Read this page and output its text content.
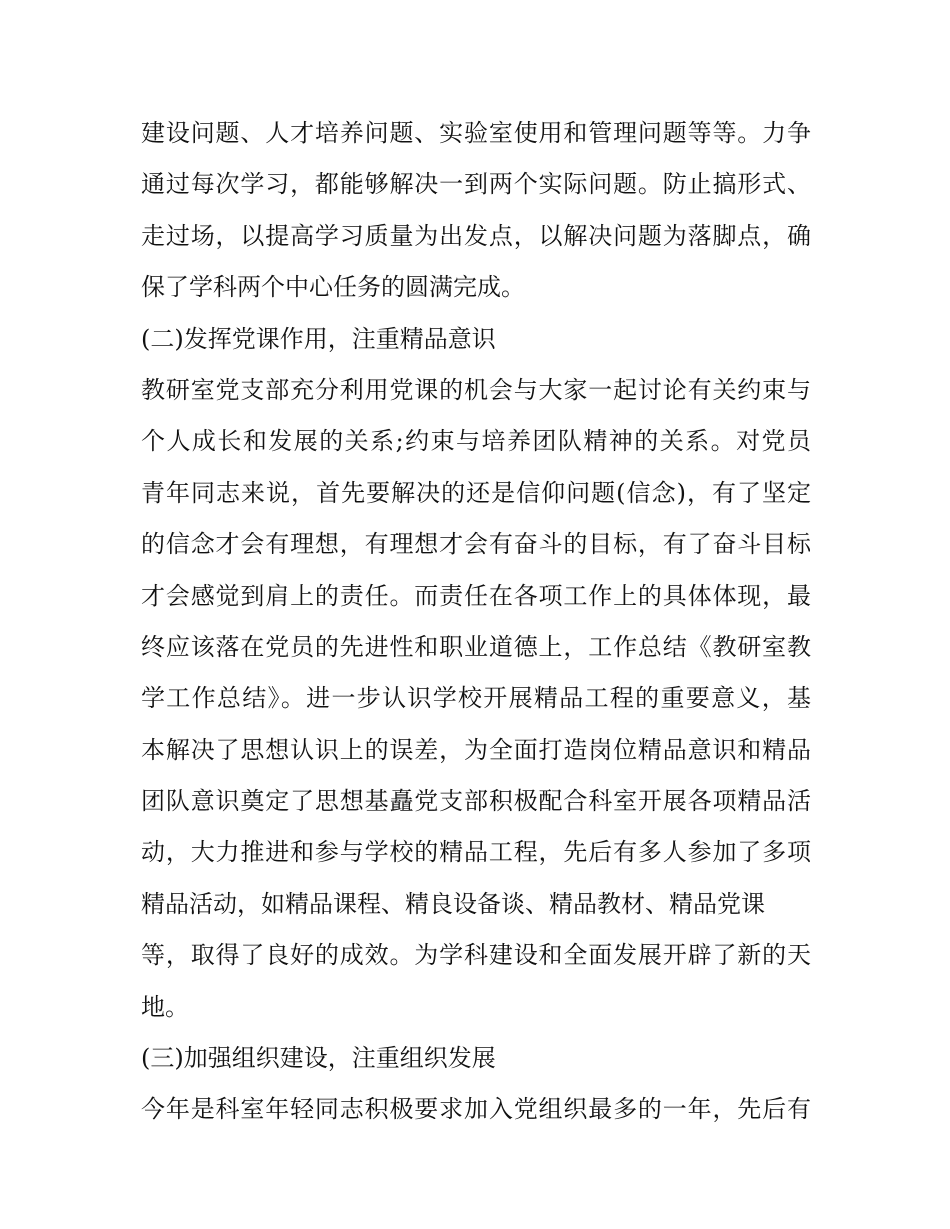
建设问题、人才培养问题、实验室使用和管理问题等等。力争
通过每次学习，都能够解决一到两个实际问题。防止搞形式、
走过场，以提高学习质量为出发点，以解决问题为落脚点，确
保了学科两个中心任务的圆满完成。
(二)发挥党课作用，注重精品意识
教研室党支部充分利用党课的机会与大家一起讨论有关约束与
个人成长和发展的关系;约束与培养团队精神的关系。对党员
青年同志来说，首先要解决的还是信仰问题(信念)，有了坚定
的信念才会有理想，有理想才会有奋斗的目标，有了奋斗目标
才会感觉到肩上的责任。而责任在各项工作上的具体体现，最
终应该落在党员的先进性和职业道德上，工作总结《教研室教
学工作总结》。进一步认识学校开展精品工程的重要意义，基
本解决了思想认识上的误差，为全面打造岗位精品意识和精品
团队意识奠定了思想基矗党支部积极配合科室开展各项精品活
动，大力推进和参与学校的精品工程，先后有多人参加了多项
精品活动，如精品课程、精良设备谈、精品教材、精品党课
等，取得了良好的成效。为学科建设和全面发展开辟了新的天
地。
(三)加强组织建设，注重组织发展
今年是科室年轻同志积极要求加入党组织最多的一年，先后有
